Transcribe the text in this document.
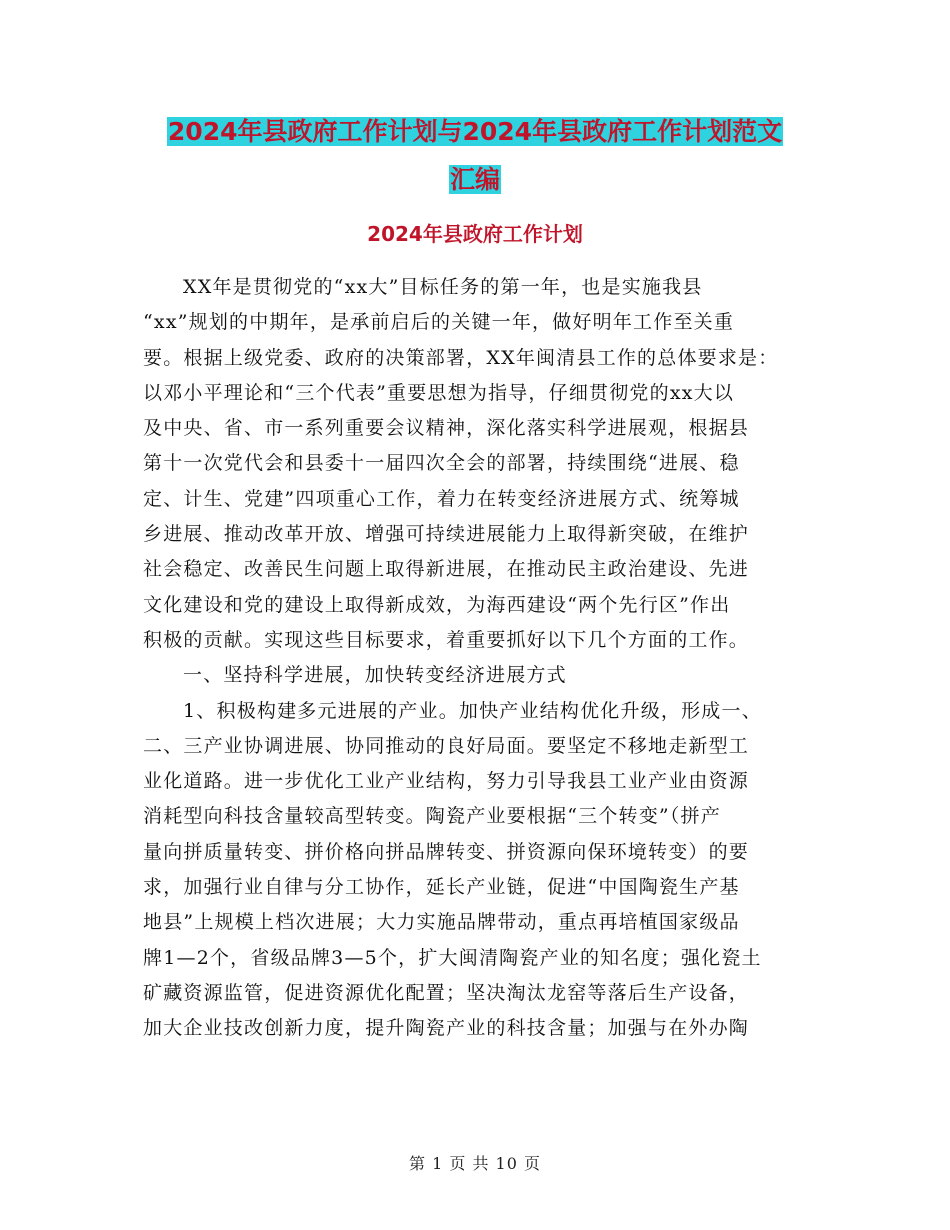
2024年县政府工作计划与2024年县政府工作计划范文
汇编
2024年县政府工作计划
XX年是贯彻党的“xx大”目标任务的第一年，也是实施我县
“xx”规划的中期年，是承前启后的关键一年，做好明年工作至关重
要。根据上级党委、政府的决策部署，XX年闽清县工作的总体要求是：
以邓小平理论和“三个代表”重要思想为指导，仔细贯彻党的xx大以
及中央、省、市一系列重要会议精神，深化落实科学进展观，根据县
第十一次党代会和县委十一届四次全会的部署，持续围绕“进展、稳
定、计生、党建”四项重心工作，着力在转变经济进展方式、统筹城
乡进展、推动改革开放、增强可持续进展能力上取得新突破，在维护
社会稳定、改善民生问题上取得新进展，在推动民主政治建设、先进
文化建设和党的建设上取得新成效，为海西建设“两个先行区”作出
积极的贡献。实现这些目标要求，着重要抓好以下几个方面的工作。
一、坚持科学进展，加快转变经济进展方式
1、积极构建多元进展的产业。加快产业结构优化升级，形成一、
二、三产业协调进展、协同推动的良好局面。要坚定不移地走新型工
业化道路。进一步优化工业产业结构，努力引导我县工业产业由资源
消耗型向科技含量较高型转变。陶瓷产业要根据“三个转变”（拼产
量向拼质量转变、拼价格向拼品牌转变、拼资源向保环境转变）的要
求，加强行业自律与分工协作，延长产业链，促进“中国陶瓷生产基
地县”上规模上档次进展；大力实施品牌带动，重点再培植国家级品
牌1—2个，省级品牌3—5个，扩大闽清陶瓷产业的知名度；强化瓷土
矿藏资源监管，促进资源优化配置；坚决淘汰龙窑等落后生产设备，
加大企业技改创新力度，提升陶瓷产业的科技含量；加强与在外办陶
第 1 页 共 10 页
